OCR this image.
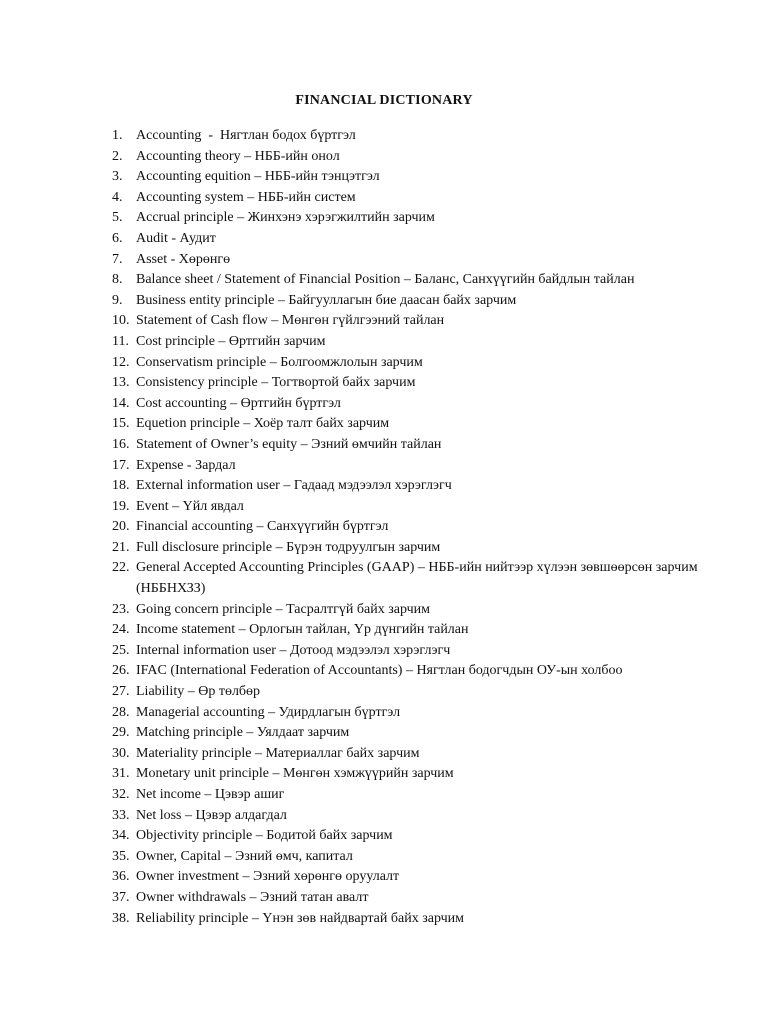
FINANCIAL DICTIONARY
1. Accounting  -  Нягтлан бодох бүртгэл
2. Accounting theory – НББ-ийн онол
3. Accounting equition – НББ-ийн тэнцэтгэл
4. Accounting system – НББ-ийн систем
5. Accrual principle – Жинхэнэ хэрэгжилтийн зарчим
6. Audit - Аудит
7. Asset - Хөрөнгө
8. Balance sheet / Statement of Financial Position – Баланс, Санхүүгийн байдлын тайлан
9. Business entity principle – Байгууллагын бие даасан байх зарчим
10. Statement of Cash flow – Мөнгөн гүйлгээний тайлан
11. Cost principle – Өртгийн зарчим
12. Conservatism principle – Болгоомжлолын зарчим
13. Consistency principle – Тогтвортой байх зарчим
14. Cost accounting – Өртгийн бүртгэл
15. Equetion principle – Хоёр талт байх зарчим
16. Statement of Owner’s equity – Эзний өмчийн тайлан
17. Expense - Зардал
18. External information user – Гадаад мэдээлэл хэрэглэгч
19. Event – Үйл явдал
20. Financial accounting – Санхүүгийн бүртгэл
21. Full disclosure principle – Бүрэн тодруулгын зарчим
22. General Accepted Accounting Principles (GAAP) – НББ-ийн нийтээр хүлээн зөвшөөрсөн зарчим (НББНХЗЗ)
23. Going concern principle – Тасралтгүй байх зарчим
24. Income statement – Орлогын тайлан, Үр дүнгийн тайлан
25. Internal information user – Дотоод мэдээлэл хэрэглэгч
26. IFAC (International Federation of Accountants) – Нягтлан бодогчдын ОУ-ын холбоо
27. Liability – Өр төлбөр
28. Managerial accounting – Удирдлагын бүртгэл
29. Matching principle – Уялдаат зарчим
30. Materiality principle – Материаллаг байх зарчим
31. Monetary unit principle – Мөнгөн хэмжүүрийн зарчим
32. Net income – Цэвэр ашиг
33. Net loss – Цэвэр алдагдал
34. Objectivity principle – Бодитой байх зарчим
35. Owner, Capital – Эзний өмч, капитал
36. Owner investment – Эзний хөрөнгө оруулалт
37. Owner withdrawals – Эзний татан авалт
38. Reliability principle – Үнэн зөв найдвартай байх зарчим
